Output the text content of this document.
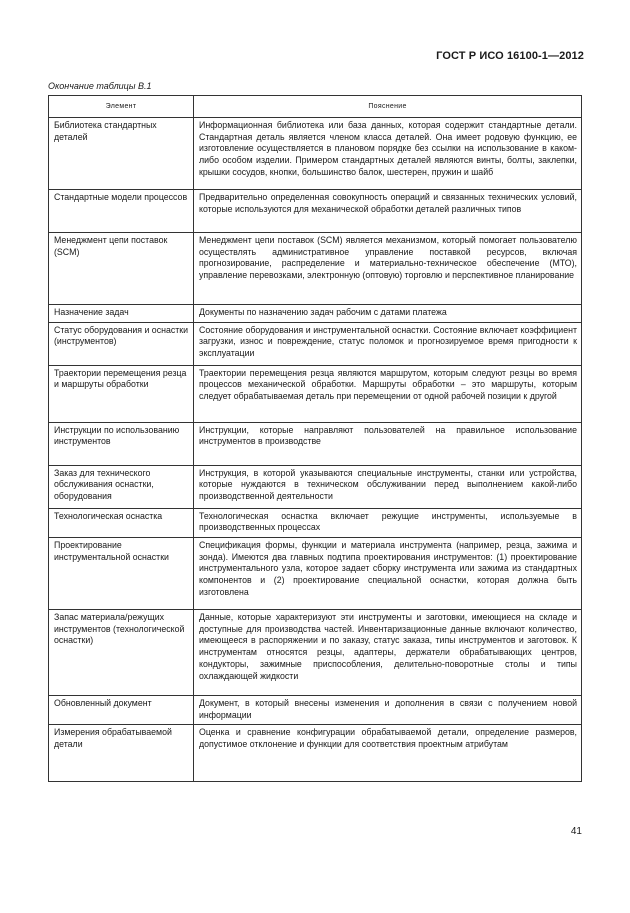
ГОСТ Р ИСО 16100-1—2012
Окончание таблицы В.1
Элемент	Пояснение
Библиотека стандартных деталей	Информационная библиотека или база данных, которая содержит стандартные детали. Стандартная деталь является членом класса деталей. Она имеет родовую функцию, ее изготовление осуществляется в плановом порядке без ссылки на использование в каком-либо особом изделии. Примером стандартных деталей являются винты, болты, заклепки, крышки сосудов, кнопки, большинство балок, шестерен, пружин и шайб
Стандартные модели процессов	Предварительно определенная совокупность операций и связанных технических условий, которые используются для механической обработки деталей различных типов
Менеджмент цепи поставок (SCM)	Менеджмент цепи поставок (SCM) является механизмом, который помогает пользователю осуществлять административное управление поставкой ресурсов, включая прогнозирование, распределение и материально-техническое обеспечение (МТО), управление перевозками, электронную (оптовую) торговлю и перспективное планирование
Назначение задач	Документы по назначению задач рабочим с датами платежа
Статус оборудования и оснастки (инструментов)	Состояние оборудования и инструментальной оснастки. Состояние включает коэффициент загрузки, износ и повреждение, статус поломок и прогнозируемое время пригодности к эксплуатации
Траектории перемещения резца и маршруты обработки	Траектории перемещения резца являются маршрутом, которым следуют резцы во время процессов механической обработки. Маршруты обработки – это маршруты, которым следует обрабатываемая деталь при перемещении от одной рабочей позиции к другой
Инструкции по использованию инструментов	Инструкции, которые направляют пользователей на правильное использование инструментов в производстве
Заказ для технического обслуживания оснастки, оборудования	Инструкция, в которой указываются специальные инструменты, станки или устройства, которые нуждаются в техническом обслуживании перед выполнением какой-либо производственной деятельности
Технологическая оснастка	Технологическая оснастка включает режущие инструменты, используемые в производственных процессах
Проектирование инструментальной оснастки	Спецификация формы, функции и материала инструмента (например, резца, зажима и зонда). Имеются два главных подтипа проектирования инструментов: (1) проектирование инструментального узла, которое задает сборку инструмента или зажима из стандартных компонентов и (2) проектирование специальной оснастки, которая должна быть изготовлена
Запас материала/режущих инструментов (технологической оснастки)	Данные, которые характеризуют эти инструменты и заготовки, имеющиеся на складе и доступные для производства частей. Инвентаризационные данные включают количество, имеющееся в распоряжении и по заказу, статус заказа, типы инструментов и заготовок. К инструментам относятся резцы, адаптеры, держатели обрабатывающих центров, кондукторы, зажимные приспособления, делительно-поворотные столы и типы охлаждающей жидкости
Обновленный документ	Документ, в который внесены изменения и дополнения в связи с получением новой информации
Измерения обрабатываемой детали	Оценка и сравнение конфигурации обрабатываемой детали, определение размеров, допустимое отклонение и функции для соответствия проектным атрибутам
41
